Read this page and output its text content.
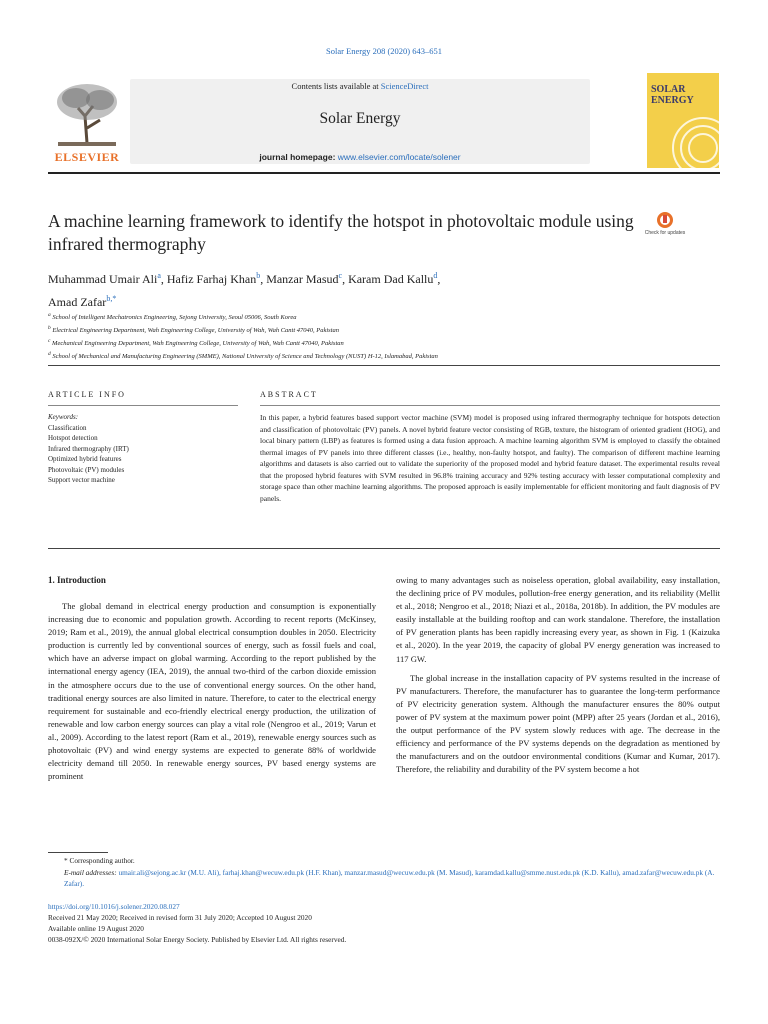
Solar Energy 208 (2020) 643–651
ELSEVIER
Contents lists available at ScienceDirect
Solar Energy
journal homepage: www.elsevier.com/locate/solener
SOLAR
ENERGY
A machine learning framework to identify the hotspot in photovoltaic module using infrared thermography
Check for updates
Muhammad Umair Ali$^a$, Hafiz Farhaj Khan$^b$, Manzar Masud$^c$, Karam Dad Kallu$^d$,
Amad Zafar$^{b,*}$
$^a$ School of Intelligent Mechatronics Engineering, Sejong University, Seoul 05006, South Korea
$^b$ Electrical Engineering Department, Wah Engineering College, University of Wah, Wah Cantt 47040, Pakistan
$^c$ Mechanical Engineering Department, Wah Engineering College, University of Wah, Wah Cantt 47040, Pakistan
$^d$ School of Mechanical and Manufacturing Engineering (SMME), National University of Science and Technology (NUST) H-12, Islamabad, Pakistan
ARTICLE INFO
Keywords:
Classification
Hotspot detection
Infrared thermography (IRT)
Optimized hybrid features
Photovoltaic (PV) modules
Support vector machine
ABSTRACT
In this paper, a hybrid features based support vector machine (SVM) model is proposed using infrared thermography technique for hotspots detection and classification of photovoltaic (PV) panels. A novel hybrid feature vector consisting of RGB, texture, the histogram of oriented gradient (HOG), and local binary pattern (LBP) as features is formed using a data fusion approach. A machine learning algorithm SVM is employed to classify the obtained thermal images of PV panels into three different classes (i.e., healthy, non-faulty hotspot, and faulty). The comparison of different machine learning algorithms and datasets is also carried out to validate the superiority of the proposed model and hybrid feature dataset. The experimental results reveal that the proposed hybrid features with SVM resulted in 96.8% training accuracy and 92% testing accuracy with lesser computational complexity and storage space than other machine learning algorithms. The proposed approach is easily implementable for efficient monitoring and fault diagnosis of PV panels.
1. Introduction

The global demand in electrical energy production and consumption is exponentially increasing due to economic and population growth. According to recent reports (McKinsey, 2019; Ram et al., 2019), the annual global electrical consumption doubles in 2050. Electricity production is currently led by conventional sources of energy, such as fossil fuels and coal, which have an adverse impact on global warming. According to the report published by the international energy agency (IEA, 2019), the annual two-third of the carbon dioxide emission in the atmosphere occurs due to the use of conventional energy sources. On the other hand, traditional energy sources are also limited in nature. Therefore, to cater to the electrical energy requirement for sustainable and eco-friendly electrical energy production, the utilization of renewable and low carbon energy sources can play a vital role (Nengroo et al., 2019; Varun et al., 2009). According to the latest report (Ram et al., 2019), renewable energy sources such as photovoltaic (PV) and wind energy systems are expected to generate 88% of worldwide electricity demand till 2050. In renewable energy sources, PV based energy systems are prominent

owing to many advantages such as noiseless operation, global availability, easy installation, the declining price of PV modules, pollution-free energy generation, and its reliability (Mellit et al., 2018; Nengroo et al., 2018; Niazi et al., 2018a, 2018b). In addition, the PV modules are easily installable at the building rooftop and can work standalone. Therefore, the installation of PV generation plants has been rapidly increasing every year, as shown in Fig. 1 (Kaizuka et al., 2020). In the year 2019, the capacity of global PV energy generation was increased to 117 GW.

The global increase in the installation capacity of PV systems resulted in the increase of PV manufacturers. Therefore, the manufacturer has to guarantee the long-term performance of PV electricity generation system. Although the manufacturer ensures the 80% output power of PV system at the maximum power point (MPP) after 25 years (Jordan et al., 2016), the output performance of the PV system slowly reduces with age. The decrease in the efficiency and performance of the PV systems depends on the degradation as mentioned by the manufacturers and on the outdoor environmental conditions (Kumar and Kumar, 2017). Therefore, the reliability and durability of the PV system become a hot

* Corresponding author.
E-mail addresses: umair.ali@sejong.ac.kr (M.U. Ali), farhaj.khan@wecuw.edu.pk (H.F. Khan), manzar.masud@wecuw.edu.pk (M. Masud), karamdad.kallu@smme.nust.edu.pk (K.D. Kallu), amad.zafar@wecuw.edu.pk (A. Zafar).
https://doi.org/10.1016/j.solener.2020.08.027
Received 21 May 2020; Received in revised form 31 July 2020; Accepted 10 August 2020
Available online 19 August 2020
0038-092X/© 2020 International Solar Energy Society. Published by Elsevier Ltd. All rights reserved.
